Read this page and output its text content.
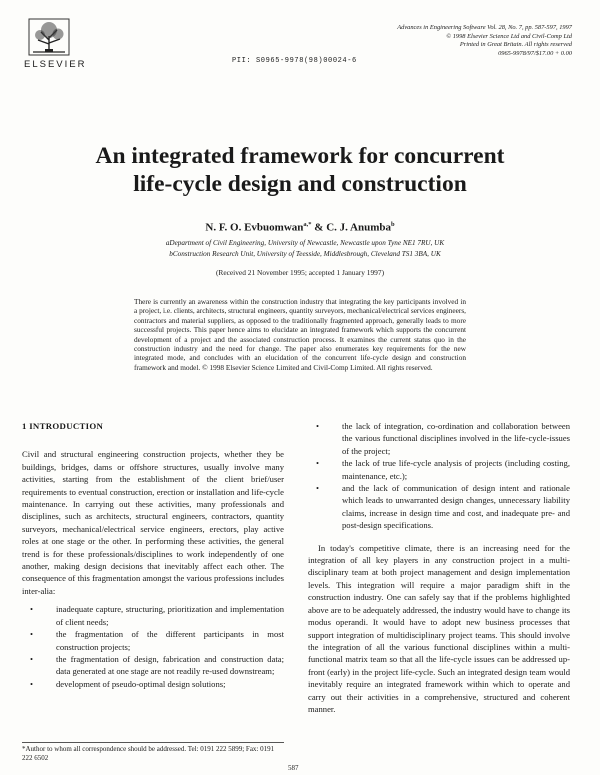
ELSEVIER
Advances in Engineering Software Vol. 28, No. 7, pp. 587-597, 1997
© 1998 Elsevier Science Ltd and Civil-Comp Ltd
Printed in Great Britain. All rights reserved
0965-9978/97/$17.00 + 0.00
PII: S0965-9978(98)00024-6
An integrated framework for concurrent
life-cycle design and construction
N. F. O. Evbuomwan$^{a,*}$ & C. J. Anumba$^b$
aDepartment of Civil Engineering, University of Newcastle, Newcastle upon Tyne NE1 7RU, UK
bConstruction Research Unit, University of Teesside, Middlesbrough, Cleveland TS1 3BA, UK
(Received 21 November 1995; accepted 1 January 1997)
There is currently an awareness within the construction industry that integrating the key participants involved in a project, i.e. clients, architects, structural engineers, quantity surveyors, mechanical/electrical services engineers, contractors and material suppliers, as opposed to the traditionally fragmented approach, generally leads to more successful projects. This paper hence aims to elucidate an integrated framework which supports the concurrent development of a project and the associated construction process. It examines the current status quo in the construction industry and the need for change. The paper also enumerates key requirements for the new integrated mode, and concludes with an elucidation of the concurrent life-cycle design and construction framework and model. © 1998 Elsevier Science Limited and Civil-Comp Limited. All rights reserved.
1 INTRODUCTION

Civil and structural engineering construction projects, whether they be buildings, bridges, dams or offshore structures, usually involve many activities, starting from the establishment of the client brief/user requirements to eventual construction, erection or installation and life-cycle maintenance. In carrying out these activities, many professionals and disciplines, such as architects, structural engineers, contractors, quantity surveyors, mechanical/electrical service engineers, erectors, play active roles at one stage or the other. In performing these activities, the general trend is for these professionals/disciplines to work independently of one another, making design decisions that inevitably affect each other. The consequence of this fragmentation amongst the various professions includes inter-alia:

• inadequate capture, structuring, prioritization and implementation of client needs;
• the fragmentation of the different participants in most construction projects;
• the fragmentation of design, fabrication and construction data; data generated at one stage are not readily re-used downstream;
• development of pseudo-optimal design solutions;
• the lack of integration, co-ordination and collaboration between the various functional disciplines involved in the life-cycle-issues of the project;
• the lack of true life-cycle analysis of projects (including costing, maintenance, etc.);
• and the lack of communication of design intent and rationale which leads to unwarranted design changes, unnecessary liability claims, increase in design time and cost, and inadequate pre- and post-design specifications.

In today's competitive climate, there is an increasing need for the integration of all key players in any construction project in a multi-disciplinary team at both project management and design implementation levels. This integration will require a major paradigm shift in the construction industry. One can safely say that if the problems highlighted above are to be adequately addressed, the industry would have to change its modus operandi. It would have to adopt new business processes that support integration of multidisciplinary project teams. This should involve the integration of all the various functional disciplines within a multi-functional matrix team so that all the life-cycle issues can be addressed up-front (early) in the project life-cycle. Such an integrated design team would inevitably require an integrated framework within which to operate and carry out their activities in a comprehensive, structured and coherent manner.

*Author to whom all correspondence should be addressed. Tel: 0191 222 5899; Fax: 0191 222 6502
587
